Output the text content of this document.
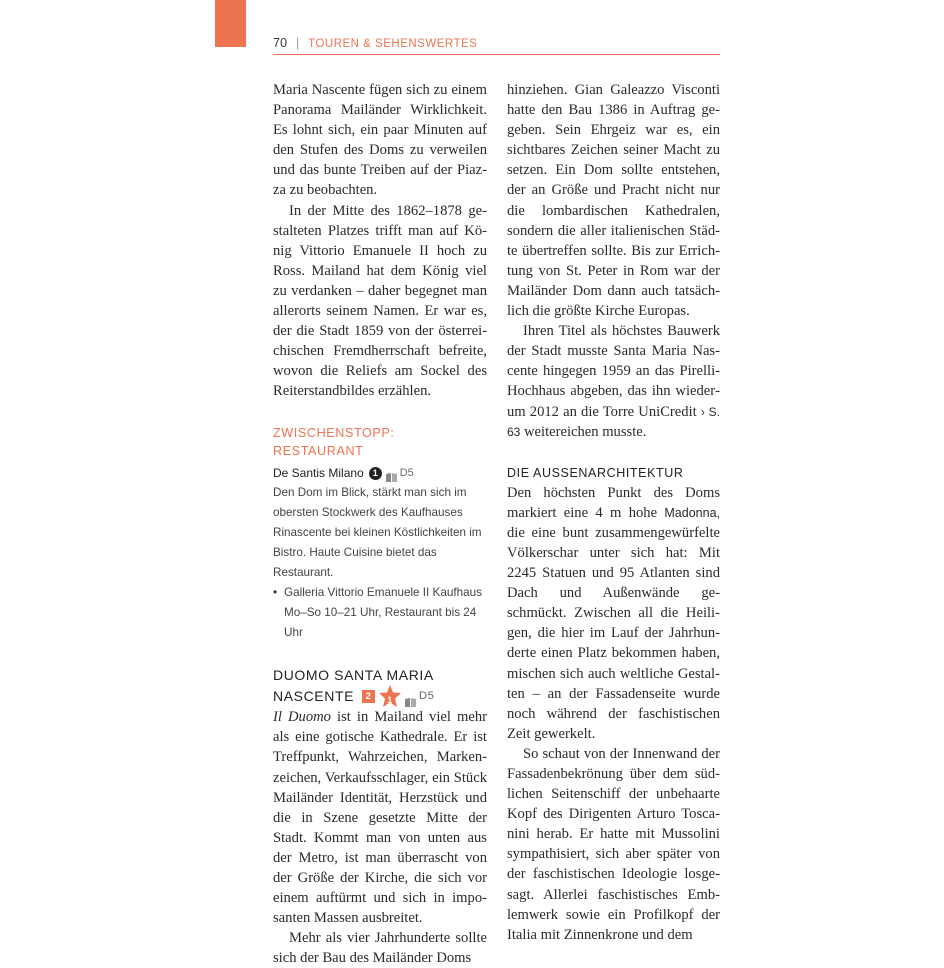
70 | TOUREN & SEHENSWERTES

Maria Nascente fügen sich zu einem Panorama Mailänder Wirklichkeit. Es lohnt sich, ein paar Minuten auf den Stufen des Doms zu verweilen und das bunte Treiben auf der Piazza zu beobachten.

In der Mitte des 1862–1878 gestalteten Platzes trifft man auf König Vittorio Emanuele II hoch zu Ross. Mailand hat dem König viel zu verdanken – daher begegnet man allerorts seinem Namen. Er war es, der die Stadt 1859 von der österreichischen Fremdherrschaft befreite, wovon die Reliefs am Sockel des Reiterstandbildes erzählen.

ZWISCHENSTOPP: RESTAURANT
De Santis Milano 1	D5

Den Dom im Blick, stärkt man sich im obersten Stockwerk des Kaufhauses Rinascente bei kleinen Köstlichkeiten im Bistro. Haute Cuisine bietet das Restaurant.

• Galleria Vittorio Emanuele II Kaufhaus Mo–So 10–21 Uhr, Restaurant bis 24 Uhr

DUOMO SANTA MARIA
NASCENTE	2	1	D5

Il Duomo ist in Mailand viel mehr als eine gotische Kathedrale. Er ist Treffpunkt, Wahrzeichen, Markenzeichen, Verkaufsschlager, ein Stück Mailänder Identität, Herzstück und die in Szene gesetzte Mitte der Stadt. Kommt man von unten aus der Metro, ist man überrascht von der Größe der Kirche, die sich vor einem auftürmt und sich in imposanten Massen ausbreitet.

Mehr als vier Jahrhunderte sollte sich der Bau des Mailänder Doms

hinziehen. Gian Galeazzo Visconti hatte den Bau 1386 in Auftrag gegeben. Sein Ehrgeiz war es, ein sichtbares Zeichen seiner Macht zu setzen. Ein Dom sollte entstehen, der an Größe und Pracht nicht nur die lombardischen Kathedralen, sondern die aller italienischen Städte übertreffen sollte. Bis zur Errichtung von St. Peter in Rom war der Mailänder Dom dann auch tatsächlich die größte Kirche Europas.

Ihren Titel als höchstes Bauwerk der Stadt musste Santa Maria Nascente hingegen 1959 an das Pirelli-Hochhaus abgeben, das ihn wiederum 2012 an die Torre UniCredit › S. 63 weitereichen musste.

DIE AUSSENARCHITEKTUR

Den höchsten Punkt des Doms markiert eine 4 m hohe Madonna, die eine bunt zusammengewürfelte Völkerschar unter sich hat: Mit 2245 Statuen und 95 Atlanten sind Dach und Außenwände geschmückt. Zwischen all die Heiligen, die hier im Lauf der Jahrhunderte einen Platz bekommen haben, mischen sich auch weltliche Gestalten – an der Fassadenseite wurde noch während der faschistischen Zeit gewerkelt.

So schaut von der Innenwand der Fassadenbekrönung über dem südlichen Seitenschiff der unbehaarte Kopf des Dirigenten Arturo Toscanini herab. Er hatte mit Mussolini sympathisiert, sich aber später von der faschistischen Ideologie losgesagt. Allerlei faschistisches Emblemwerk sowie ein Profilkopf der Italia mit Zinnenkrone und dem
